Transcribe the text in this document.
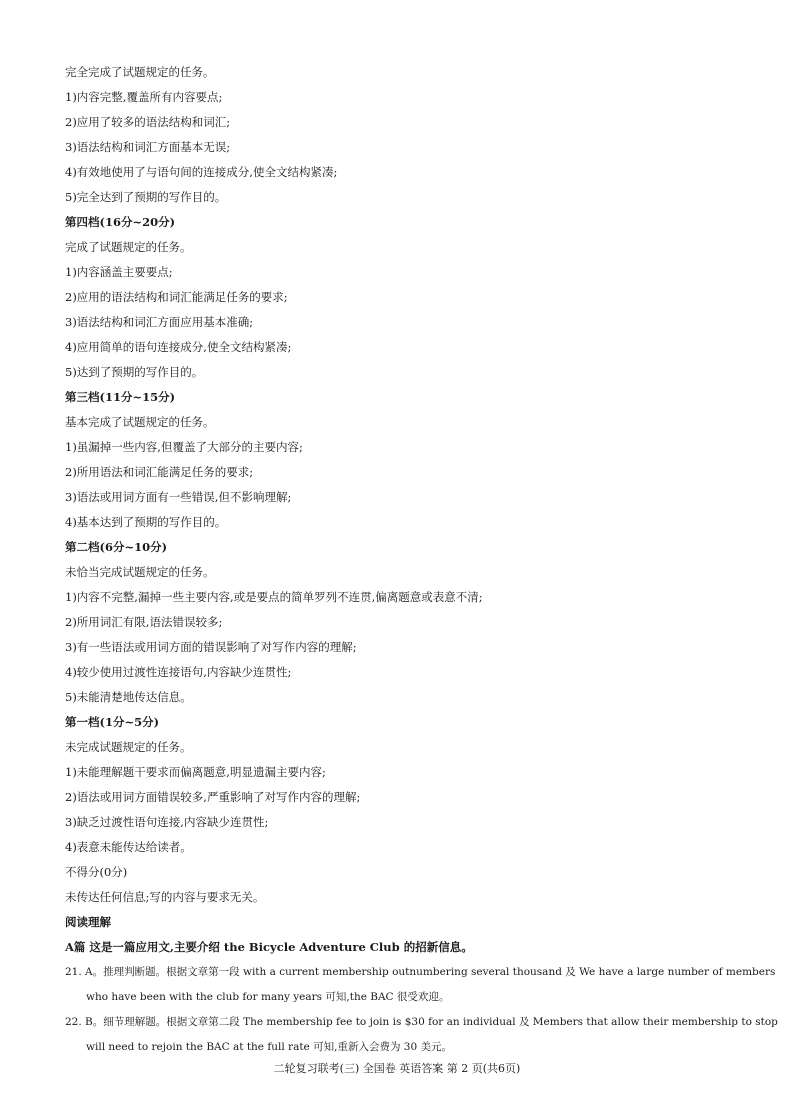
完全完成了试题规定的任务。
1)内容完整,覆盖所有内容要点;
2)应用了较多的语法结构和词汇;
3)语法结构和词汇方面基本无误;
4)有效地使用了与语句间的连接成分,使全文结构紧凑;
5)完全达到了预期的写作目的。
第四档(16分~20分)
完成了试题规定的任务。
1)内容涵盖主要要点;
2)应用的语法结构和词汇能满足任务的要求;
3)语法结构和词汇方面应用基本准确;
4)应用简单的语句连接成分,使全文结构紧凑;
5)达到了预期的写作目的。
第三档(11分~15分)
基本完成了试题规定的任务。
1)虽漏掉一些内容,但覆盖了大部分的主要内容;
2)所用语法和词汇能满足任务的要求;
3)语法或用词方面有一些错误,但不影响理解;
4)基本达到了预期的写作目的。
第二档(6分~10分)
未恰当完成试题规定的任务。
1)内容不完整,漏掉一些主要内容,或是要点的简单罗列不连贯,偏离题意或表意不清;
2)所用词汇有限,语法错误较多;
3)有一些语法或用词方面的错误影响了对写作内容的理解;
4)较少使用过渡性连接语句,内容缺少连贯性;
5)未能清楚地传达信息。
第一档(1分~5分)
未完成试题规定的任务。
1)未能理解题干要求而偏离题意,明显遗漏主要内容;
2)语法或用词方面错误较多,严重影响了对写作内容的理解;
3)缺乏过渡性语句连接,内容缺少连贯性;
4)表意未能传达给读者。
不得分(0分)
未传达任何信息;写的内容与要求无关。
阅读理解
A篇 这是一篇应用文,主要介绍 the Bicycle Adventure Club 的招新信息。
21. A。推理判断题。根据文章第一段 with a current membership outnumbering several thousand 及 We have a large number of members
who have been with the club for many years 可知,the BAC 很受欢迎。
22. B。细节理解题。根据文章第二段 The membership fee to join is $30 for an individual 及 Members that allow their membership to stop
will need to rejoin the BAC at the full rate 可知,重新入会费为 30 美元。
二轮复习联考(三) 全国卷 英语答案 第 2 页(共6页)
